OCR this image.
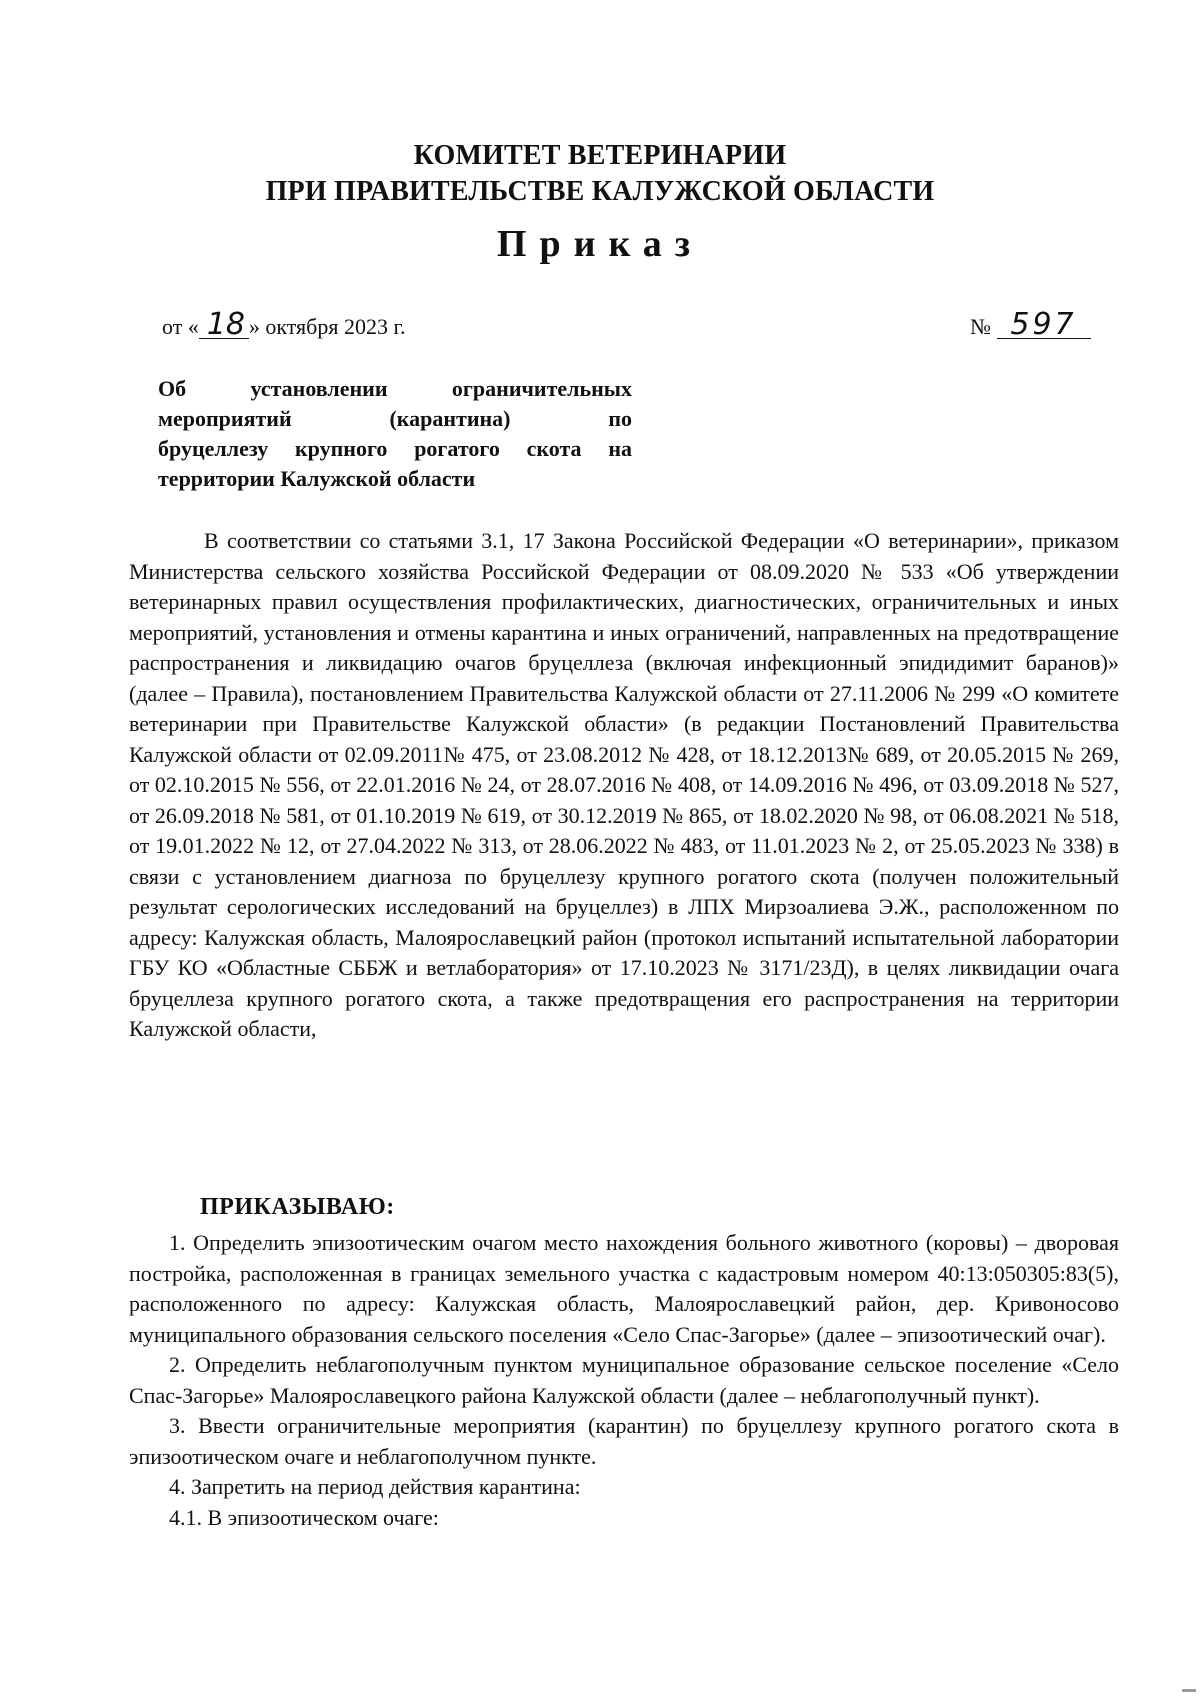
КОМИТЕТ ВЕТЕРИНАРИИ
ПРИ ПРАВИТЕЛЬСТВЕ КАЛУЖСКОЙ ОБЛАСТИ
Приказ
от « 18 » октября 2023 г.	№ 597
Об установлении ограничительных
мероприятий (карантина) по
бруцеллезу крупного рогатого скота на
территории Калужской области

В соответствии со статьями 3.1, 17 Закона Российской Федерации «О ветеринарии», приказом Министерства сельского хозяйства Российской Федерации от 08.09.2020 № 533 «Об утверждении ветеринарных правил осуществления профилактических, диагностических, ограничительных и иных мероприятий, установления и отмены карантина и иных ограничений, направленных на предотвращение распространения и ликвидацию очагов бруцеллеза (включая инфекционный эпидидимит баранов)» (далее – Правила), постановлением Правительства Калужской области от 27.11.2006 № 299 «О комитете ветеринарии при Правительстве Калужской области» (в редакции Постановлений Правительства Калужской области от 02.09.2011№ 475, от 23.08.2012 № 428, от 18.12.2013№ 689, от 20.05.2015 № 269, от 02.10.2015 № 556, от 22.01.2016 № 24, от 28.07.2016 № 408, от 14.09.2016 № 496, от 03.09.2018 № 527, от 26.09.2018 № 581, от 01.10.2019 № 619, от 30.12.2019 № 865, от 18.02.2020 № 98, от 06.08.2021 № 518, от 19.01.2022 № 12, от 27.04.2022 № 313, от 28.06.2022 № 483, от 11.01.2023 № 2, от 25.05.2023 № 338) в связи с установлением диагноза по бруцеллезу крупного рогатого скота (получен положительный результат серологических исследований на бруцеллез) в ЛПХ Мирзоалиева Э.Ж., расположенном по адресу: Калужская область, Малоярославецкий район (протокол испытаний испытательной лаборатории ГБУ КО «Областные СББЖ и ветлаборатория» от 17.10.2023 № 3171/23Д), в целях ликвидации очага бруцеллеза крупного рогатого скота, а также предотвращения его распространения на территории Калужской области,

ПРИКАЗЫВАЮ:

1. Определить эпизоотическим очагом место нахождения больного животного (коровы) – дворовая постройка, расположенная в границах земельного участка с кадастровым номером 40:13:050305:83(5), расположенного по адресу: Калужская область, Малоярославецкий район, дер. Кривоносово муниципального образования сельского поселения «Село Спас-Загорье» (далее – эпизоотический очаг).

2. Определить неблагополучным пунктом муниципальное образование сельское поселение «Село Спас-Загорье» Малоярославецкого района Калужской области (далее – неблагополучный пункт).

3. Ввести ограничительные мероприятия (карантин) по бруцеллезу крупного рогатого скота в эпизоотическом очаге и неблагополучном пункте.

4. Запретить на период действия карантина:

4.1. В эпизоотическом очаге:
